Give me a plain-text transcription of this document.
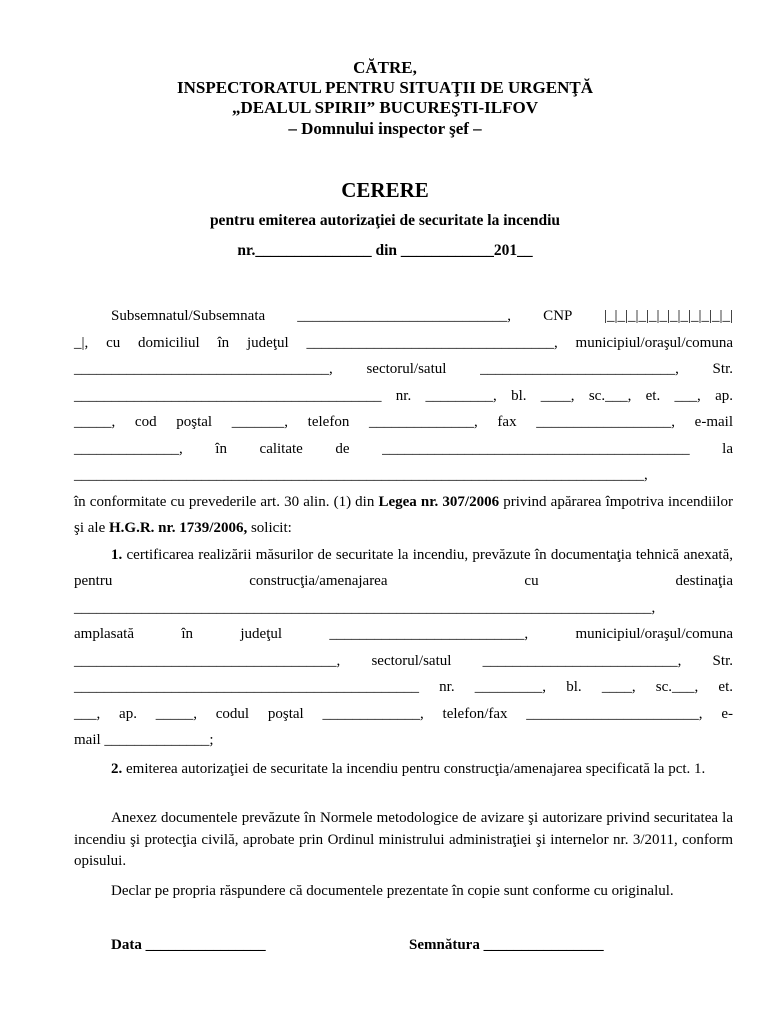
CĂTRE,
INSPECTORATUL PENTRU SITUAŢII DE URGENŢĂ
„DEALUL SPIRII” BUCUREŞTI-ILFOV
– Domnului inspector şef –
CERERE
pentru emiterea autorizaţiei de securitate la incendiu
nr._______________ din ____________201__
Subsemnatul/Subsemnata ____________________________, CNP |_|_|_|_|_|_|_|_|_|_|_|_|
_|, cu domiciliul în judeţul _________________________________, municipiul/oraşul/comuna
__________________________________, sectorul/satul __________________________, Str.
_________________________________________ nr. _________, bl. ____, sc.___, et. ___, ap.
_____, cod poştal _______, telefon ______________, fax __________________, e-mail
______________, în calitate de _________________________________________ la
____________________________________________________________________________,

în conformitate cu prevederile art. 30 alin. (1) din Legea nr. 307/2006 privind apărarea împotriva incendiilor şi ale H.G.R. nr. 1739/2006, solicit:

1. certificarea realizării măsurilor de securitate la incendiu, prevăzute în documentaţia tehnică anexată, pentru construcţia/amenajarea cu destinaţia

_____________________________________________________________________________,
amplasată în judeţul __________________________, municipiul/oraşul/comuna
___________________________________, sectorul/satul __________________________, Str.
______________________________________________ nr. _________, bl. ____, sc.___, et.
___, ap. _____, codul poştal _____________, telefon/fax _______________________, e-
mail ______________;

2. emiterea autorizaţiei de securitate la incendiu pentru construcţia/amenajarea specificată la pct. 1.

Anexez documentele prevăzute în Normele metodologice de avizare şi autorizare privind securitatea la incendiu şi protecţia civilă, aprobate prin Ordinul ministrului administraţiei şi internelor nr. 3/2011, conform opisului.

Declar pe propria răspundere că documentele prezentate în copie sunt conforme cu originalul.

Data ________________	Semnătura ________________
